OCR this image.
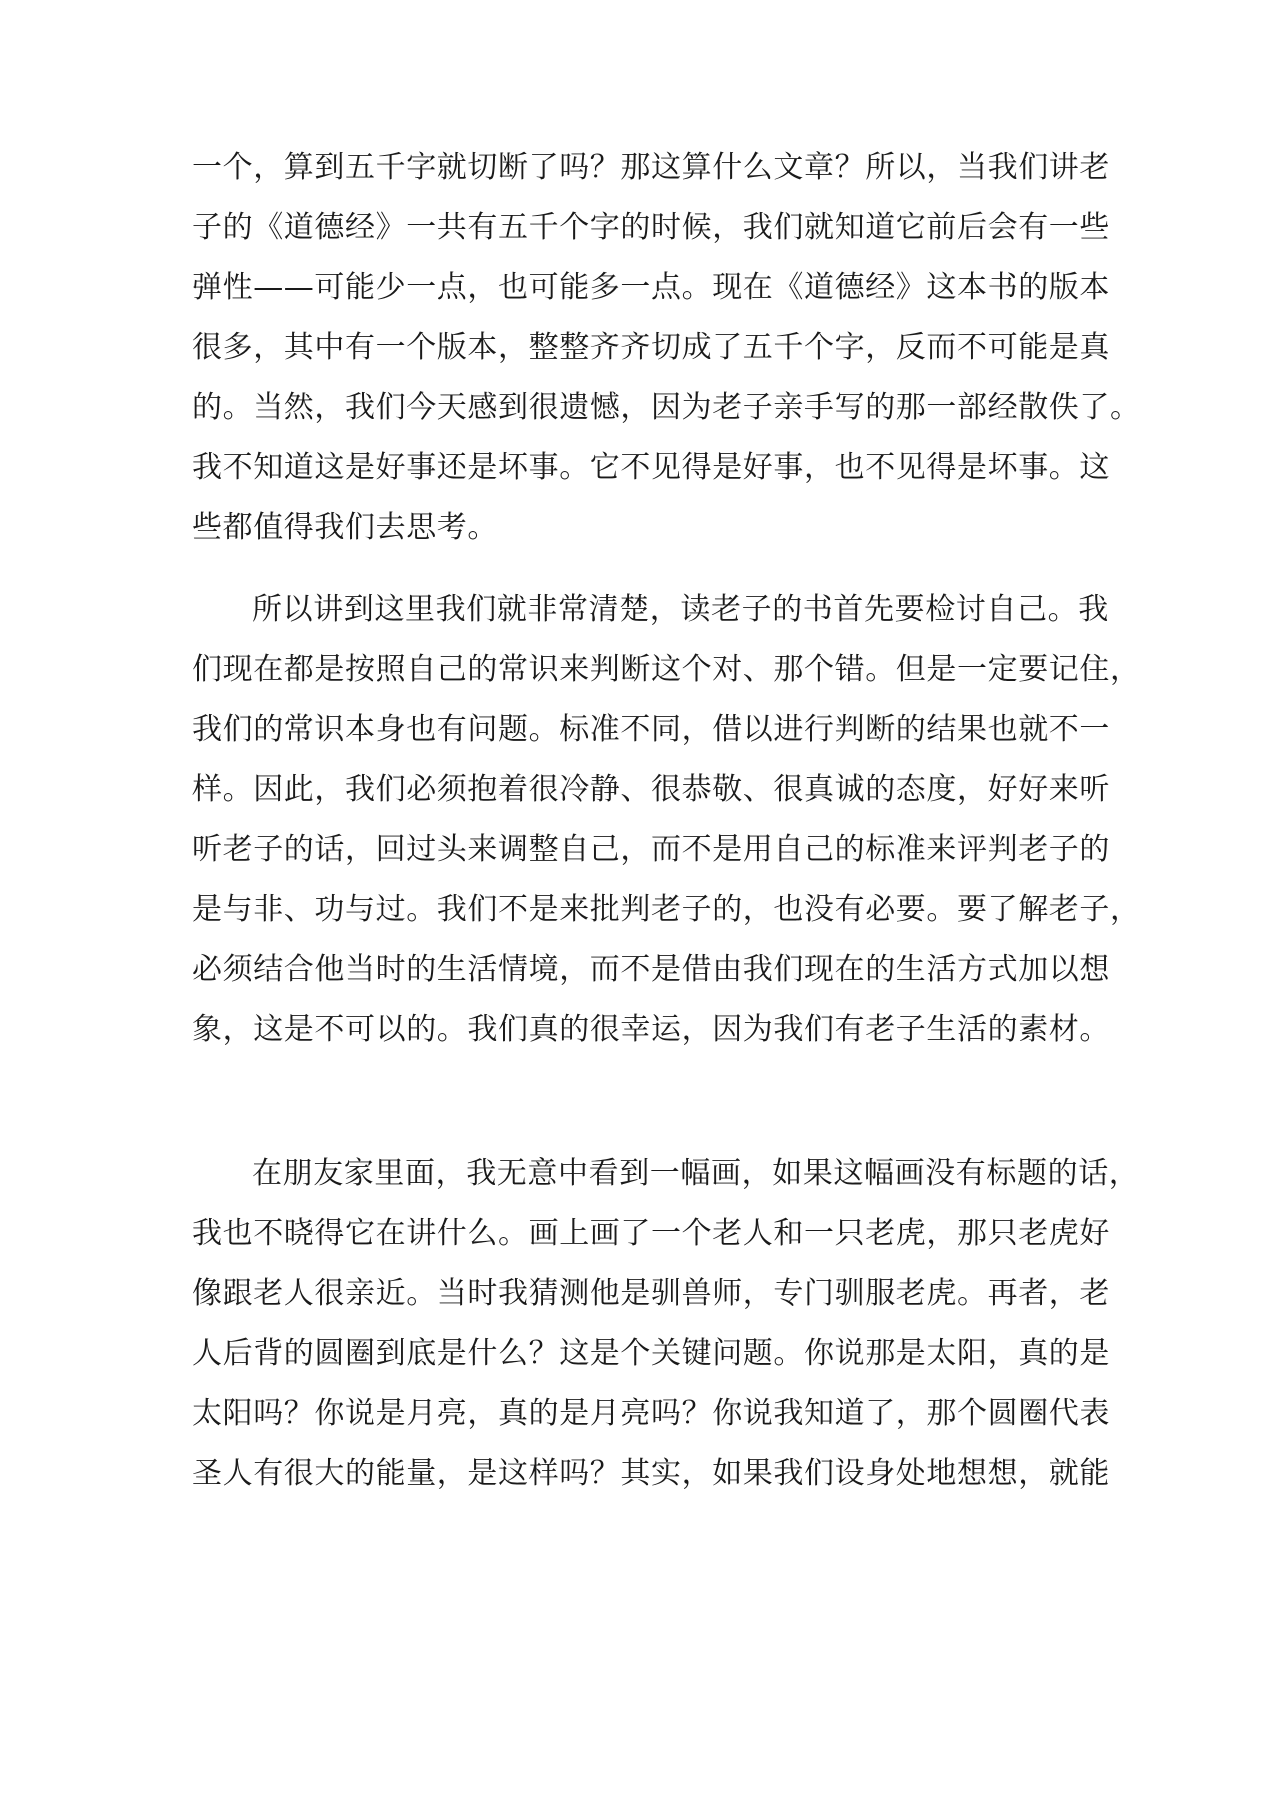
一个，算到五千字就切断了吗？那这算什么文章？所以，当我们讲老
子的《道德经》一共有五千个字的时候，我们就知道它前后会有一些
弹性——可能少一点，也可能多一点。现在《道德经》这本书的版本
很多，其中有一个版本，整整齐齐切成了五千个字，反而不可能是真
的。当然，我们今天感到很遗憾，因为老子亲手写的那一部经散佚了。
我不知道这是好事还是坏事。它不见得是好事，也不见得是坏事。这
些都值得我们去思考。
所以讲到这里我们就非常清楚，读老子的书首先要检讨自己。我
们现在都是按照自己的常识来判断这个对、那个错。但是一定要记住，
我们的常识本身也有问题。标准不同，借以进行判断的结果也就不一
样。因此，我们必须抱着很冷静、很恭敬、很真诚的态度，好好来听
听老子的话，回过头来调整自己，而不是用自己的标准来评判老子的
是与非、功与过。我们不是来批判老子的，也没有必要。要了解老子，
必须结合他当时的生活情境，而不是借由我们现在的生活方式加以想
象，这是不可以的。我们真的很幸运，因为我们有老子生活的素材。
在朋友家里面，我无意中看到一幅画，如果这幅画没有标题的话，
我也不晓得它在讲什么。画上画了一个老人和一只老虎，那只老虎好
像跟老人很亲近。当时我猜测他是驯兽师，专门驯服老虎。再者，老
人后背的圆圈到底是什么？这是个关键问题。你说那是太阳，真的是
太阳吗？你说是月亮，真的是月亮吗？你说我知道了，那个圆圈代表
圣人有很大的能量，是这样吗？其实，如果我们设身处地想想，就能
